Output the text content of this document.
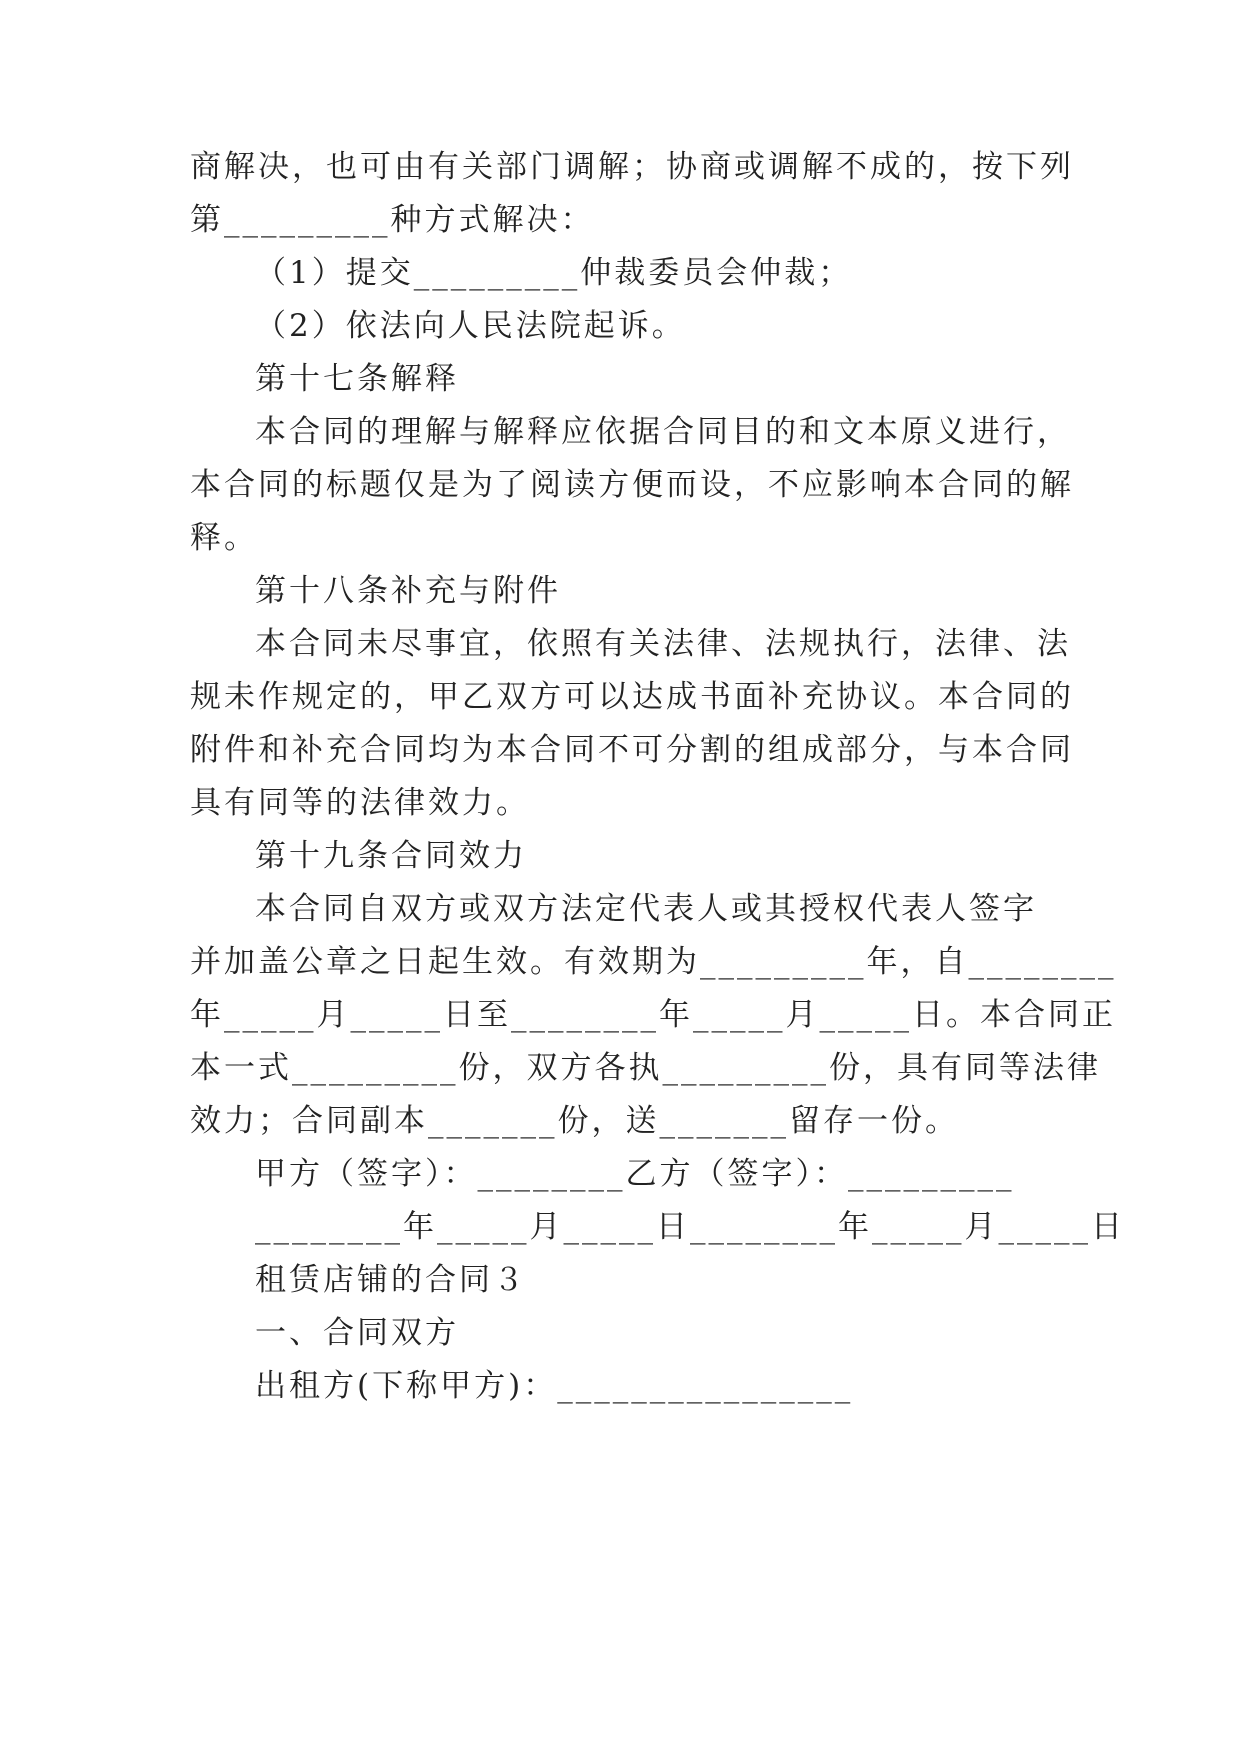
商解决，也可由有关部门调解；协商或调解不成的，按下列
第_________种方式解决：
（1）提交_________仲裁委员会仲裁；
（2）依法向人民法院起诉。
第十七条解释
本合同的理解与解释应依据合同目的和文本原义进行，
本合同的标题仅是为了阅读方便而设，不应影响本合同的解
释。
第十八条补充与附件
本合同未尽事宜，依照有关法律、法规执行，法律、法
规未作规定的，甲乙双方可以达成书面补充协议。本合同的
附件和补充合同均为本合同不可分割的组成部分，与本合同
具有同等的法律效力。
第十九条合同效力
本合同自双方或双方法定代表人或其授权代表人签字
并加盖公章之日起生效。有效期为_________年，自________
年_____月_____日至________年_____月_____日。本合同正
本一式_________份，双方各执_________份，具有同等法律
效力；合同副本_______份，送_______留存一份。
甲方（签字）：________乙方（签字）：_________
________年_____月_____日________年_____月_____日
租赁店铺的合同３
一、合同双方
出租方(下称甲方)：________________
